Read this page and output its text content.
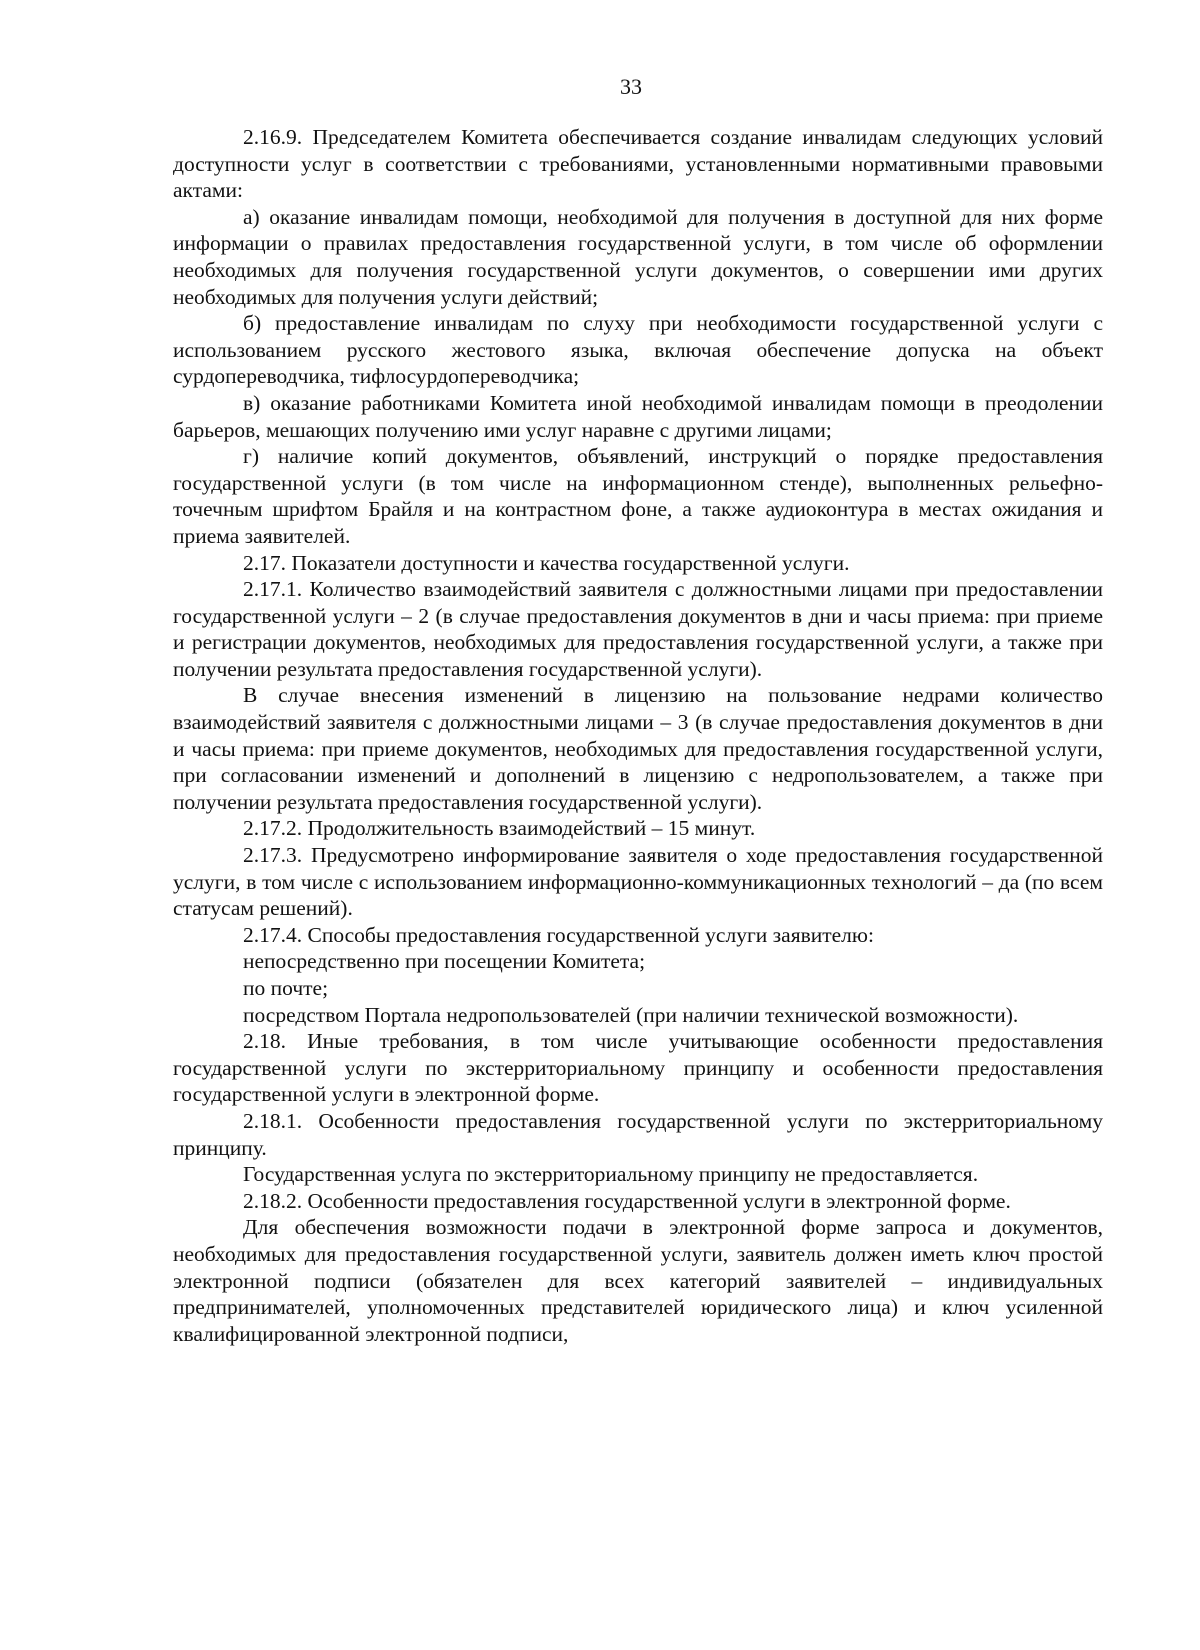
33

2.16.9. Председателем Комитета обеспечивается создание инвалидам следующих условий доступности услуг в соответствии с требованиями, установленными нормативными правовыми актами:

а) оказание инвалидам помощи, необходимой для получения в доступной для них форме информации о правилах предоставления государственной услуги, в том числе об оформлении необходимых для получения государственной услуги документов, о совершении ими других необходимых для получения услуги действий;

б) предоставление инвалидам по слуху при необходимости государственной услуги с использованием русского жестового языка, включая обеспечение допуска на объект сурдопереводчика, тифлосурдопереводчика;

в) оказание работниками Комитета иной необходимой инвалидам помощи в преодолении барьеров, мешающих получению ими услуг наравне с другими лицами;

г) наличие копий документов, объявлений, инструкций о порядке предоставления государственной услуги (в том числе на информационном стенде), выполненных рельефно-точечным шрифтом Брайля и на контрастном фоне, а также аудиоконтура в местах ожидания и приема заявителей.

2.17. Показатели доступности и качества государственной услуги.

2.17.1. Количество взаимодействий заявителя с должностными лицами при предоставлении государственной услуги – 2 (в случае предоставления документов в дни и часы приема: при приеме и регистрации документов, необходимых для предоставления государственной услуги, а также при получении результата предоставления государственной услуги).

В случае внесения изменений в лицензию на пользование недрами количество взаимодействий заявителя с должностными лицами – 3 (в случае предоставления документов в дни и часы приема: при приеме документов, необходимых для предоставления государственной услуги, при согласовании изменений и дополнений в лицензию с недропользователем, а также при получении результата предоставления государственной услуги).

2.17.2. Продолжительность взаимодействий – 15 минут.

2.17.3. Предусмотрено информирование заявителя о ходе предоставления государственной услуги, в том числе с использованием информационно-коммуникационных технологий – да (по всем статусам решений).

2.17.4. Способы предоставления государственной услуги заявителю:

непосредственно при посещении Комитета;

по почте;

посредством Портала недропользователей (при наличии технической возможности).

2.18. Иные требования, в том числе учитывающие особенности предоставления государственной услуги по экстерриториальному принципу и особенности предоставления государственной услуги в электронной форме.

2.18.1. Особенности предоставления государственной услуги по экстерриториальному принципу.

Государственная услуга по экстерриториальному принципу не предоставляется.

2.18.2. Особенности предоставления государственной услуги в электронной форме.

Для обеспечения возможности подачи в электронной форме запроса и документов, необходимых для предоставления государственной услуги, заявитель должен иметь ключ простой электронной подписи (обязателен для всех категорий заявителей – индивидуальных предпринимателей, уполномоченных представителей юридического лица) и ключ усиленной квалифицированной электронной подписи,
